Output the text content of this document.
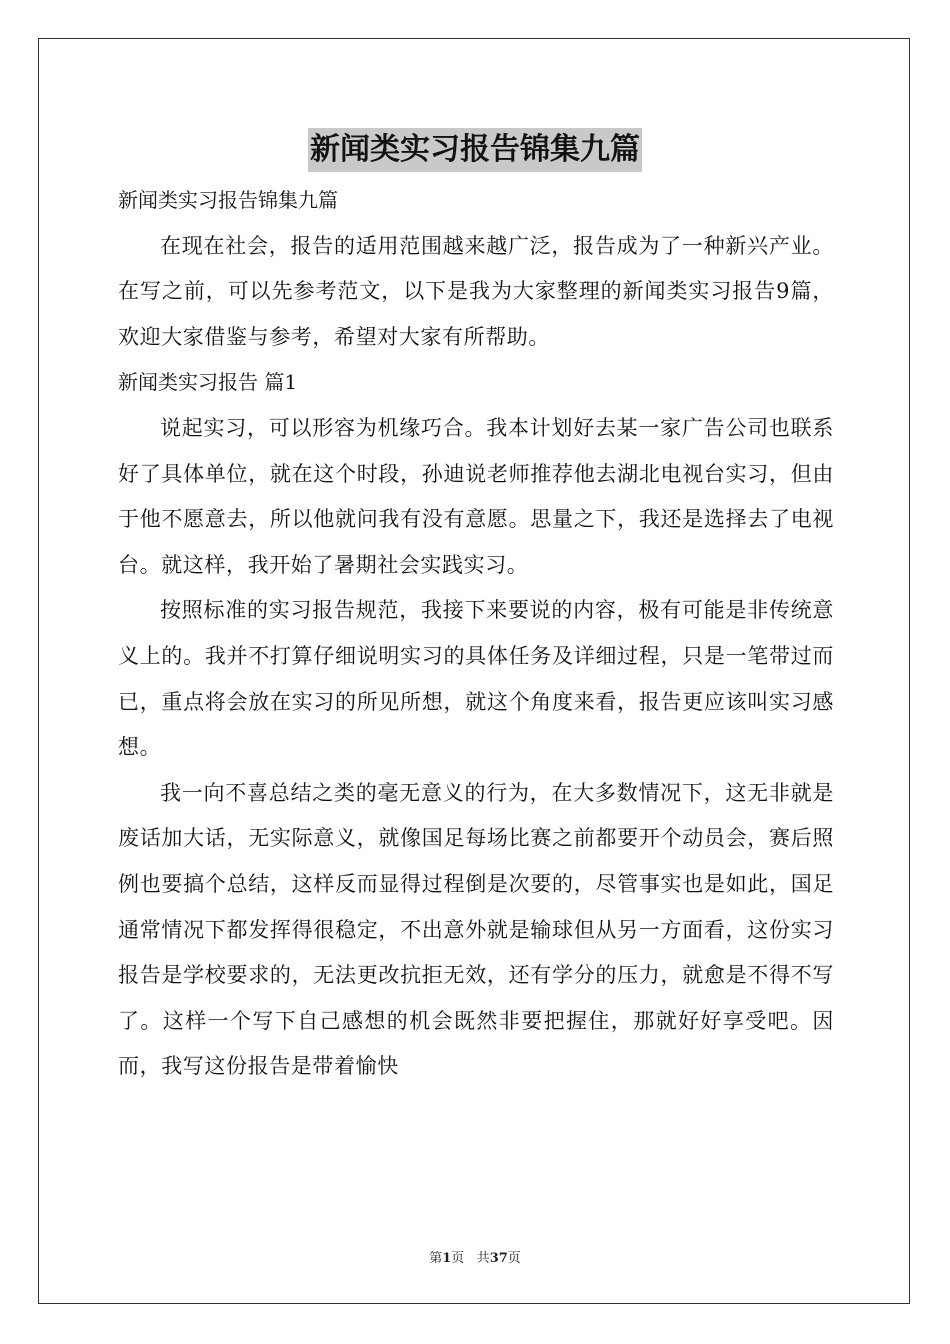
新闻类实习报告锦集九篇

新闻类实习报告锦集九篇

在现在社会，报告的适用范围越来越广泛，报告成为了一种新兴产业。在写之前，可以先参考范文，以下是我为大家整理的新闻类实习报告9篇，欢迎大家借鉴与参考，希望对大家有所帮助。

新闻类实习报告 篇1

说起实习，可以形容为机缘巧合。我本计划好去某一家广告公司也联系好了具体单位，就在这个时段，孙迪说老师推荐他去湖北电视台实习，但由于他不愿意去，所以他就问我有没有意愿。思量之下，我还是选择去了电视台。就这样，我开始了暑期社会实践实习。

按照标准的实习报告规范，我接下来要说的内容，极有可能是非传统意义上的。我并不打算仔细说明实习的具体任务及详细过程，只是一笔带过而已，重点将会放在实习的所见所想，就这个角度来看，报告更应该叫实习感想。

我一向不喜总结之类的毫无意义的行为，在大多数情况下，这无非就是废话加大话，无实际意义，就像国足每场比赛之前都要开个动员会，赛后照例也要搞个总结，这样反而显得过程倒是次要的，尽管事实也是如此，国足通常情况下都发挥得很稳定，不出意外就是输球但从另一方面看，这份实习报告是学校要求的，无法更改抗拒无效，还有学分的压力，就愈是不得不写了。这样一个写下自己感想的机会既然非要把握住，那就好好享受吧。因而，我写这份报告是带着愉快

第1页 共37页
